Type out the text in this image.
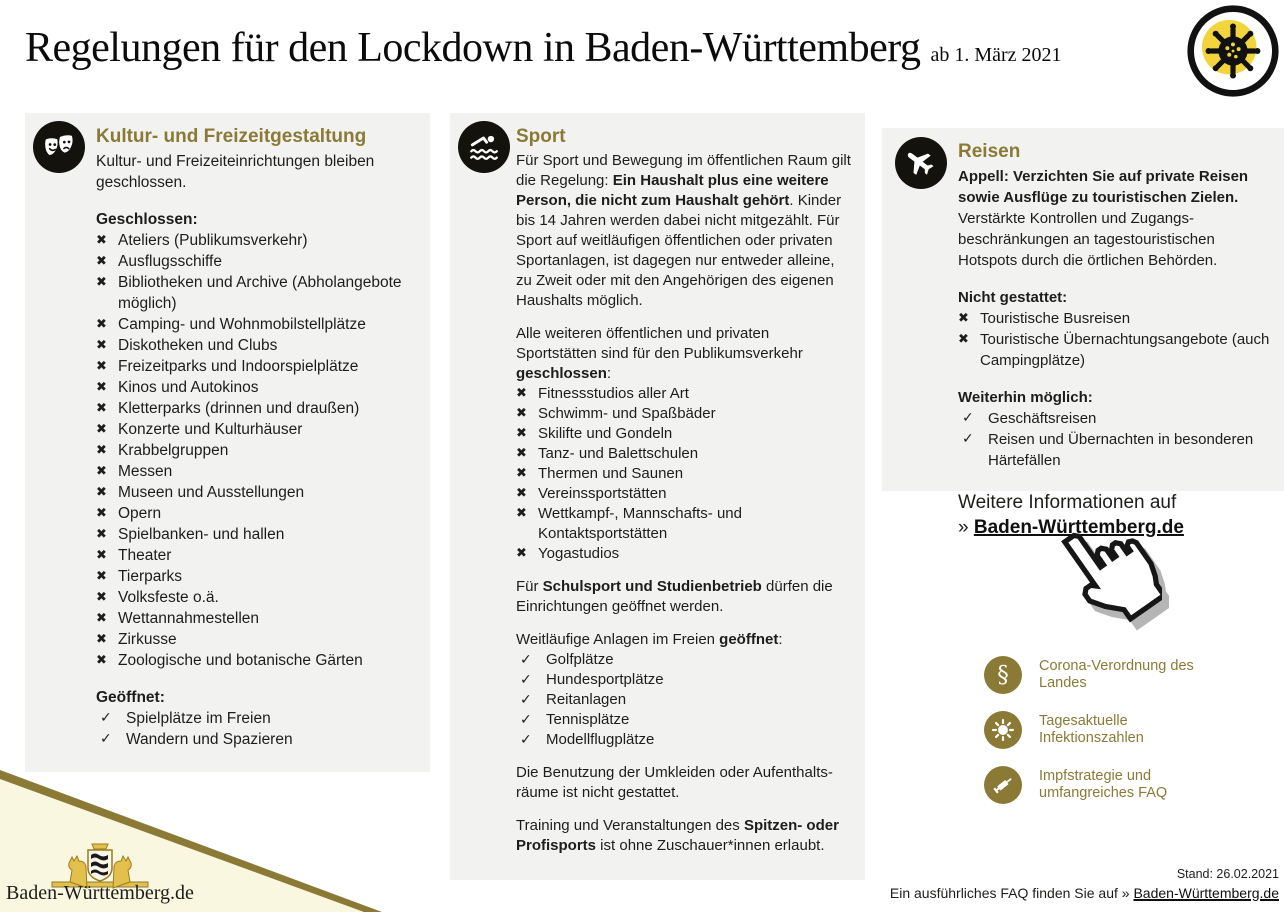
Regelungen für den Lockdown in Baden-Württemberg ab 1. März 2021
Kultur- und Freizeitgestaltung

Kultur- und Freizeiteinrichtungen bleiben geschlossen.

Geschlossen:

✖ Ateliers (Publikumsverkehr)
✖ Ausflugsschiffe
✖ Bibliotheken und Archive (Abholangebote möglich)
✖ Camping- und Wohnmobilstellplätze
✖ Diskotheken und Clubs
✖ Freizeitparks und Indoorspielplätze
✖ Kinos und Autokinos
✖ Kletterparks (drinnen und draußen)
✖ Konzerte und Kulturhäuser
✖ Krabbelgruppen
✖ Messen
✖ Museen und Ausstellungen
✖ Opern
✖ Spielbanken- und hallen
✖ Theater
✖ Tierparks
✖ Volksfeste o.ä.
✖ Wettannahmestellen
✖ Zirkusse
✖ Zoologische und botanische Gärten

Geöffnet:

✓ Spielplätze im Freien
✓ Wandern und Spazieren
Sport

Für Sport und Bewegung im öffentlichen Raum gilt die Regelung: Ein Haushalt plus eine weitere Person, die nicht zum Haushalt gehört. Kinder bis 14 Jahren werden dabei nicht mitgezählt. Für Sport auf weitläufigen öffentlichen oder privaten Sportanlagen, ist dagegen nur entweder alleine, zu Zweit oder mit den Angehörigen des eigenen Haushalts möglich.

Alle weiteren öffentlichen und privaten Sportstätten sind für den Publikumsverkehr geschlossen:

✖ Fitnessstudios aller Art
✖ Schwimm- und Spaßbäder
✖ Skilifte und Gondeln
✖ Tanz- und Balettschulen
✖ Thermen und Saunen
✖ Vereinssportstätten
✖ Wettkampf-, Mannschafts- und Kontaktsportstätten
✖ Yogastudios

Für Schulsport und Studienbetrieb dürfen die Einrichtungen geöffnet werden.

Weitläufige Anlagen im Freien geöffnet:

✓ Golfplätze
✓ Hundesportplätze
✓ Reitanlagen
✓ Tennisplätze
✓ Modellflugplätze

Die Benutzung der Umkleiden oder Aufenthaltsräume ist nicht gestattet.

Training und Veranstaltungen des Spitzen- oder Profisports ist ohne Zuschauer*innen erlaubt.

Reisen

Appell: Verzichten Sie auf private Reisen sowie Ausflüge zu touristischen Zielen. Verstärkte Kontrollen und Zugangsbeschränkungen an tagestouristischen Hotspots durch die örtlichen Behörden.

Nicht gestattet:

✖ Touristische Busreisen
✖ Touristische Übernachtungsangebote (auch Campingplätze)

Weiterhin möglich:

✓ Geschäftsreisen
✓ Reisen und Übernachten in besonderen Härtefällen

Weitere Informationen auf

» Baden-Württemberg.de

§ Corona-Verordnung des Landes
Tagesaktuelle Infektionszahlen
Impfstrategie und umfangreiches FAQ
Baden-Württemberg.de
Stand: 26.02.2021
Ein ausführliches FAQ finden Sie auf » Baden-Württemberg.de
